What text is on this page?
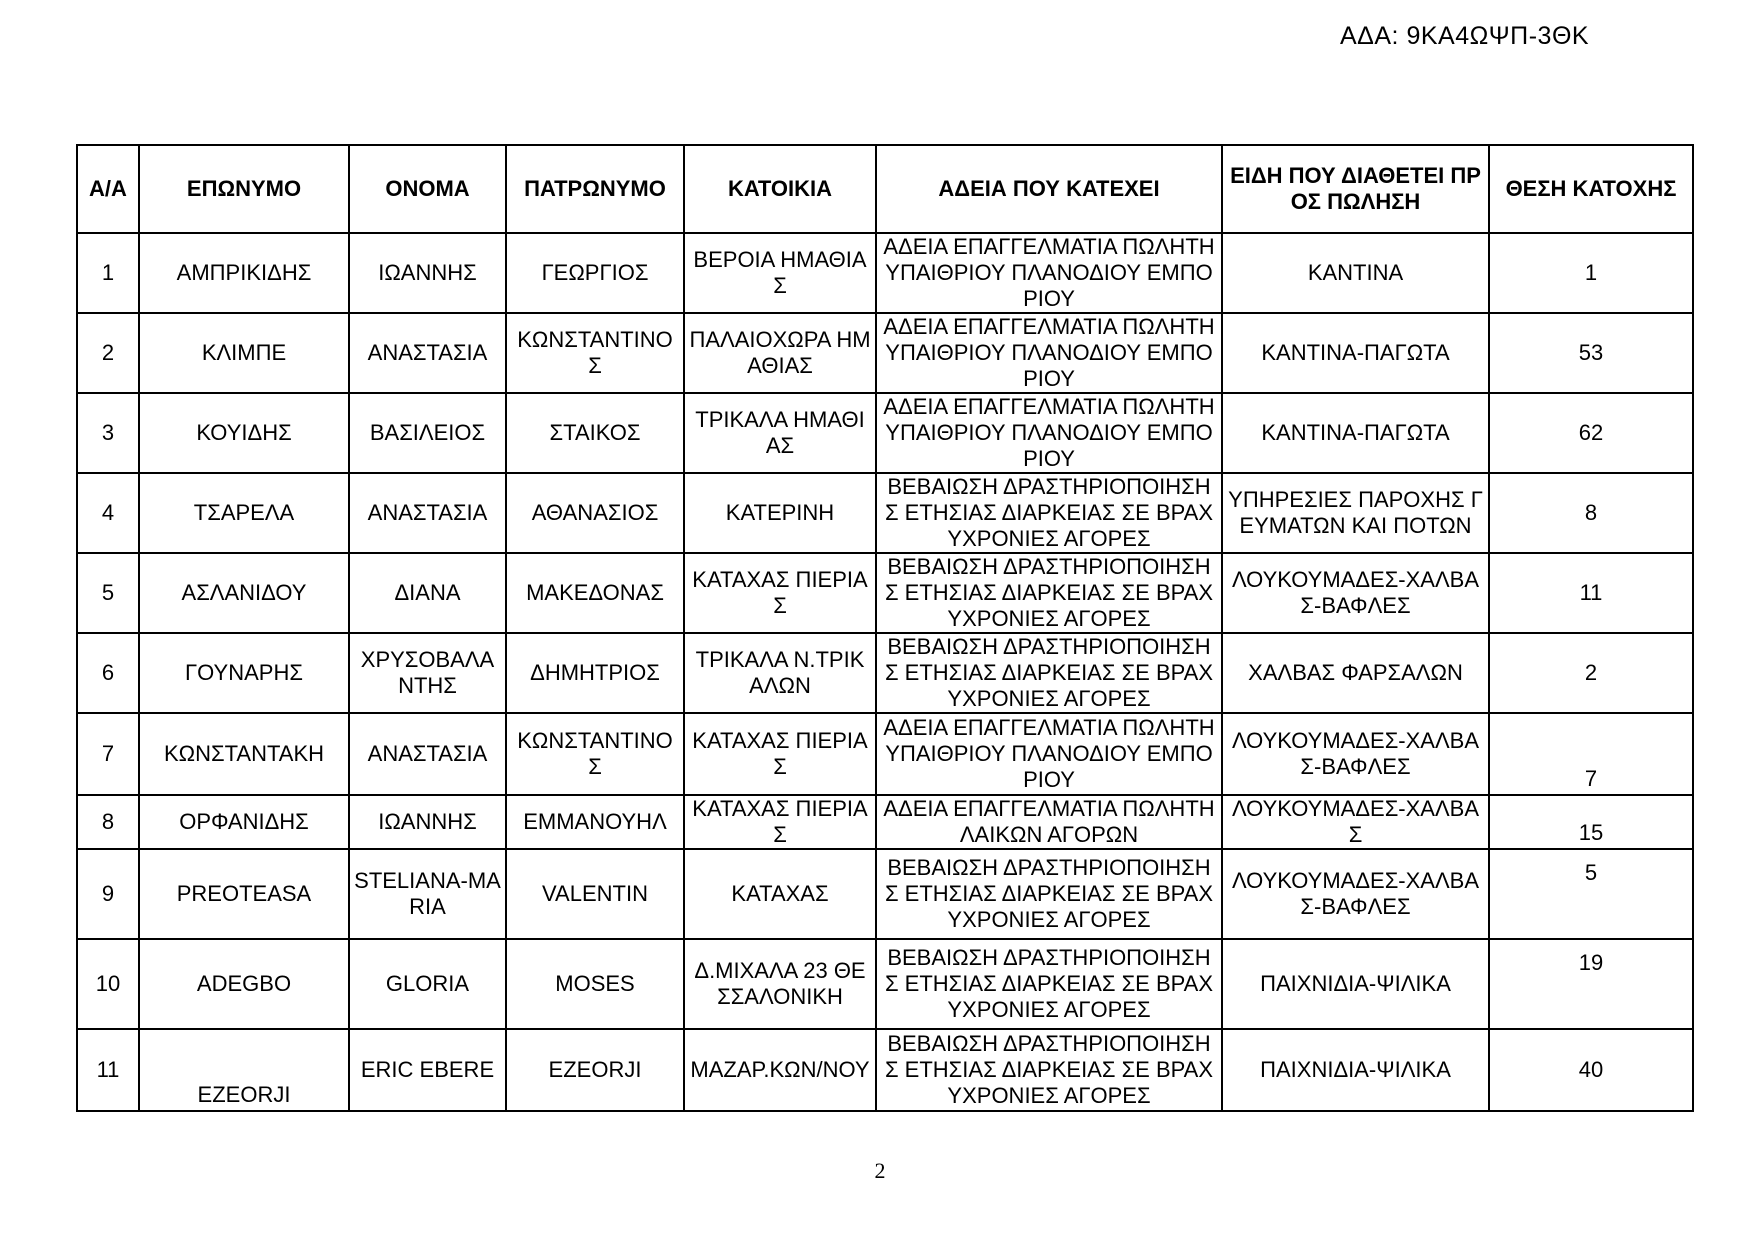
ΑΔΑ: 9ΚΑ4ΩΨΠ-3ΘΚ
Α/Α	ΕΠΩΝΥΜΟ	ΟΝΟΜΑ	ΠΑΤΡΩΝΥΜΟ	ΚΑΤΟΙΚΙΑ	ΑΔΕΙΑ ΠΟΥ ΚΑΤΕΧΕΙ	ΕΙΔΗ ΠΟΥ ΔΙΑΘΕΤΕΙ ΠΡΟΣ ΠΩΛΗΣΗ	ΘΕΣΗ ΚΑΤΟΧΗΣ
1	ΑΜΠΡΙΚΙΔΗΣ	ΙΩΑΝΝΗΣ	ΓΕΩΡΓΙΟΣ	ΒΕΡΟΙΑ ΗΜΑΘΙΑΣ	ΑΔΕΙΑ ΕΠΑΓΓΕΛΜΑΤΙΑ ΠΩΛΗΤΗ ΥΠΑΙΘΡΙΟΥ ΠΛΑΝΟΔΙΟΥ ΕΜΠΟΡΙΟΥ	ΚΑΝΤΙΝΑ	1
2	ΚΛΙΜΠΕ	ΑΝΑΣΤΑΣΙΑ	ΚΩΝΣΤΑΝΤΙΝΟΣ	ΠΑΛΑΙΟΧΩΡΑ ΗΜΑΘΙΑΣ	ΑΔΕΙΑ ΕΠΑΓΓΕΛΜΑΤΙΑ ΠΩΛΗΤΗ ΥΠΑΙΘΡΙΟΥ ΠΛΑΝΟΔΙΟΥ ΕΜΠΟΡΙΟΥ	ΚΑΝΤΙΝΑ-ΠΑΓΩΤΑ	53
3	ΚΟΥΙΔΗΣ	ΒΑΣΙΛΕΙΟΣ	ΣΤΑΙΚΟΣ	ΤΡΙΚΑΛΑ ΗΜΑΘΙΑΣ	ΑΔΕΙΑ ΕΠΑΓΓΕΛΜΑΤΙΑ ΠΩΛΗΤΗ ΥΠΑΙΘΡΙΟΥ ΠΛΑΝΟΔΙΟΥ ΕΜΠΟΡΙΟΥ	ΚΑΝΤΙΝΑ-ΠΑΓΩΤΑ	62
4	ΤΣΑΡΕΛΑ	ΑΝΑΣΤΑΣΙΑ	ΑΘΑΝΑΣΙΟΣ	ΚΑΤΕΡΙΝΗ	ΒΕΒΑΙΩΣΗ ΔΡΑΣΤΗΡΙΟΠΟΙΗΣΗΣ ΕΤΗΣΙΑΣ ΔΙΑΡΚΕΙΑΣ ΣΕ ΒΡΑΧΥΧΡΟΝΙΕΣ ΑΓΟΡΕΣ	ΥΠΗΡΕΣΙΕΣ ΠΑΡΟΧΗΣ ΓΕΥΜΑΤΩΝ ΚΑΙ ΠΟΤΩΝ	8
5	ΑΣΛΑΝΙΔΟΥ	ΔΙΑΝΑ	ΜΑΚΕΔΟΝΑΣ	ΚΑΤΑΧΑΣ ΠΙΕΡΙΑΣ	ΒΕΒΑΙΩΣΗ ΔΡΑΣΤΗΡΙΟΠΟΙΗΣΗΣ ΕΤΗΣΙΑΣ ΔΙΑΡΚΕΙΑΣ ΣΕ ΒΡΑΧΥΧΡΟΝΙΕΣ ΑΓΟΡΕΣ	ΛΟΥΚΟΥΜΑΔΕΣ-ΧΑΛΒΑΣ-ΒΑΦΛΕΣ	11
6	ΓΟΥΝΑΡΗΣ	ΧΡΥΣΟΒΑΛΑΝΤΗΣ	ΔΗΜΗΤΡΙΟΣ	ΤΡΙΚΑΛΑ Ν.ΤΡΙΚΑΛΩΝ	ΒΕΒΑΙΩΣΗ ΔΡΑΣΤΗΡΙΟΠΟΙΗΣΗΣ ΕΤΗΣΙΑΣ ΔΙΑΡΚΕΙΑΣ ΣΕ ΒΡΑΧΥΧΡΟΝΙΕΣ ΑΓΟΡΕΣ	ΧΑΛΒΑΣ ΦΑΡΣΑΛΩΝ	2
7	ΚΩΝΣΤΑΝΤΑΚΗ	ΑΝΑΣΤΑΣΙΑ	ΚΩΝΣΤΑΝΤΙΝΟΣ	ΚΑΤΑΧΑΣ ΠΙΕΡΙΑΣ	ΑΔΕΙΑ ΕΠΑΓΓΕΛΜΑΤΙΑ ΠΩΛΗΤΗ ΥΠΑΙΘΡΙΟΥ ΠΛΑΝΟΔΙΟΥ ΕΜΠΟΡΙΟΥ	ΛΟΥΚΟΥΜΑΔΕΣ-ΧΑΛΒΑΣ-ΒΑΦΛΕΣ	7
8	ΟΡΦΑΝΙΔΗΣ	ΙΩΑΝΝΗΣ	ΕΜΜΑΝΟΥΗΛ	ΚΑΤΑΧΑΣ ΠΙΕΡΙΑΣ	ΑΔΕΙΑ ΕΠΑΓΓΕΛΜΑΤΙΑ ΠΩΛΗΤΗ ΛΑΙΚΩΝ ΑΓΟΡΩΝ	ΛΟΥΚΟΥΜΑΔΕΣ-ΧΑΛΒΑΣ	15
9	PREOTEASA	STELIANA-MARIA	VALENTIN	ΚΑΤΑΧΑΣ	ΒΕΒΑΙΩΣΗ ΔΡΑΣΤΗΡΙΟΠΟΙΗΣΗΣ ΕΤΗΣΙΑΣ ΔΙΑΡΚΕΙΑΣ ΣΕ ΒΡΑΧΥΧΡΟΝΙΕΣ ΑΓΟΡΕΣ	ΛΟΥΚΟΥΜΑΔΕΣ-ΧΑΛΒΑΣ-ΒΑΦΛΕΣ	5
10	ADEGBO	GLORIA	MOSES	Δ.ΜΙΧΑΛΑ 23 ΘΕΣΣΑΛΟΝΙΚΗ	ΒΕΒΑΙΩΣΗ ΔΡΑΣΤΗΡΙΟΠΟΙΗΣΗΣ ΕΤΗΣΙΑΣ ΔΙΑΡΚΕΙΑΣ ΣΕ ΒΡΑΧΥΧΡΟΝΙΕΣ ΑΓΟΡΕΣ	ΠΑΙΧΝΙΔΙΑ-ΨΙΛΙΚΑ	19
11	EZEORJI	ERIC EBERE	EZEORJI	ΜΑΖΑΡ.ΚΩΝ/ΝΟΥ	ΒΕΒΑΙΩΣΗ ΔΡΑΣΤΗΡΙΟΠΟΙΗΣΗΣ ΕΤΗΣΙΑΣ ΔΙΑΡΚΕΙΑΣ ΣΕ ΒΡΑΧΥΧΡΟΝΙΕΣ ΑΓΟΡΕΣ	ΠΑΙΧΝΙΔΙΑ-ΨΙΛΙΚΑ	40
2
